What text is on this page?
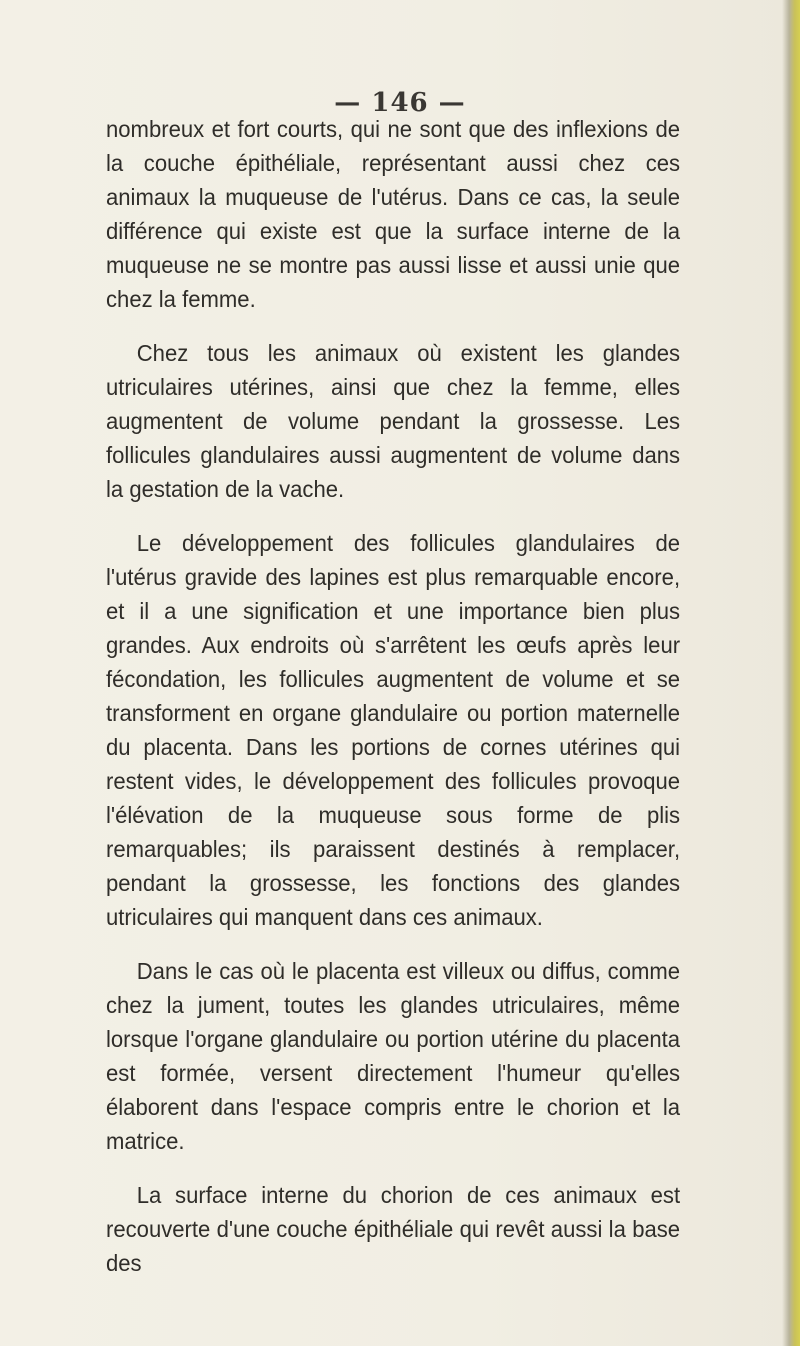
— 146 —

nombreux et fort courts, qui ne sont que des inflexions de la couche épithéliale, représentant aussi chez ces animaux la muqueuse de l'utérus. Dans ce cas, la seule différence qui existe est que la surface interne de la muqueuse ne se montre pas aussi lisse et aussi unie que chez la femme.

Chez tous les animaux où existent les glandes utriculaires utérines, ainsi que chez la femme, elles augmentent de volume pendant la grossesse. Les follicules glandulaires aussi augmentent de volume dans la gestation de la vache.

Le développement des follicules glandulaires de l'utérus gravide des lapines est plus remarquable encore, et il a une signification et une importance bien plus grandes. Aux endroits où s'arrêtent les œufs après leur fécondation, les follicules augmentent de volume et se transforment en organe glandulaire ou portion maternelle du placenta. Dans les portions de cornes utérines qui restent vides, le développement des follicules provoque l'élévation de la muqueuse sous forme de plis remarquables; ils paraissent destinés à remplacer, pendant la grossesse, les fonctions des glandes utriculaires qui manquent dans ces animaux.

Dans le cas où le placenta est villeux ou diffus, comme chez la jument, toutes les glandes utriculaires, même lorsque l'organe glandulaire ou portion utérine du placenta est formée, versent directement l'humeur qu'elles élaborent dans l'espace compris entre le chorion et la matrice.

La surface interne du chorion de ces animaux est recouverte d'une couche épithéliale qui revêt aussi la base des
